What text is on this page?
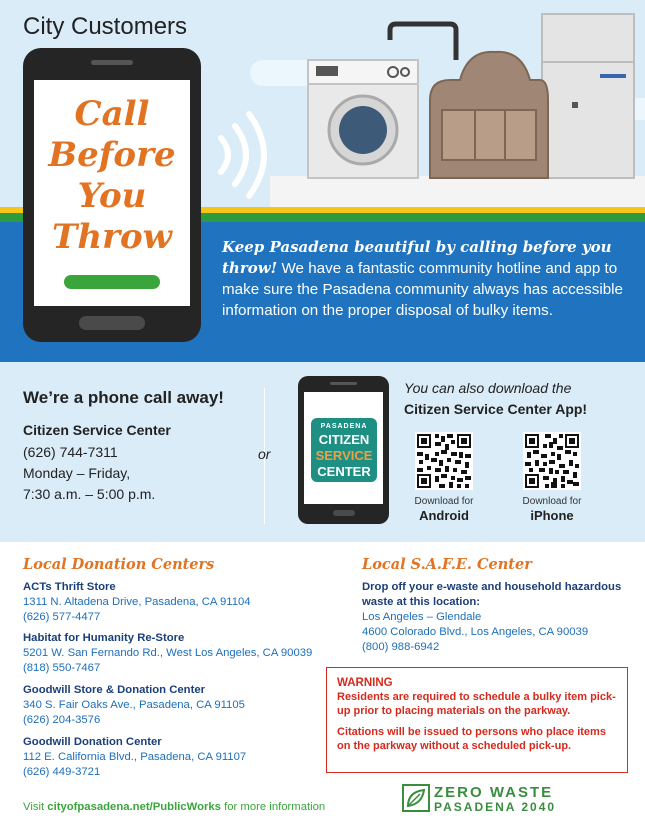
City Customers
Call
Before
You
Throw	Keep Pasadena beautiful by calling before you throw! We have a fantastic community hotline and app to make sure the Pasadena community always has accessible information on the proper disposal of bulky items.
We’re a phone call away!
Citizen Service Center
(626) 744-7311
Monday – Friday,
7:30 a.m. – 5:00 p.m.
or
PASADENA
CITIZEN
SERVICE
CENTER
You can also download the
Citizen Service Center App!
Download for
Android
Download for
iPhone
Local Donation Centers
ACTs Thrift Store
1311 N. Altadena Drive, Pasadena, CA 91104
(626) 577-4477
Habitat for Humanity Re-Store
5201 W. San Fernando Rd., West Los Angeles, CA 90039
(818) 550-7467
Goodwill Store & Donation Center
340 S. Fair Oaks Ave., Pasadena, CA 91105
(626) 204-3576
Goodwill Donation Center
112 E. California Blvd., Pasadena, CA 91107
(626) 449-3721
Local S.A.F.E. Center
Drop off your e-waste and household hazardous waste at this location:
Los Angeles – Glendale
4600 Colorado Blvd., Los Angeles, CA 90039
(800) 988-6942
WARNING
Residents are required to schedule a bulky item pick-up prior to placing materials on the parkway.
Citations will be issued to persons who place items on the parkway without a scheduled pick-up.
Visit cityofpasadena.net/PublicWorks for more information
ZERO WASTE
PASADENA 2040
